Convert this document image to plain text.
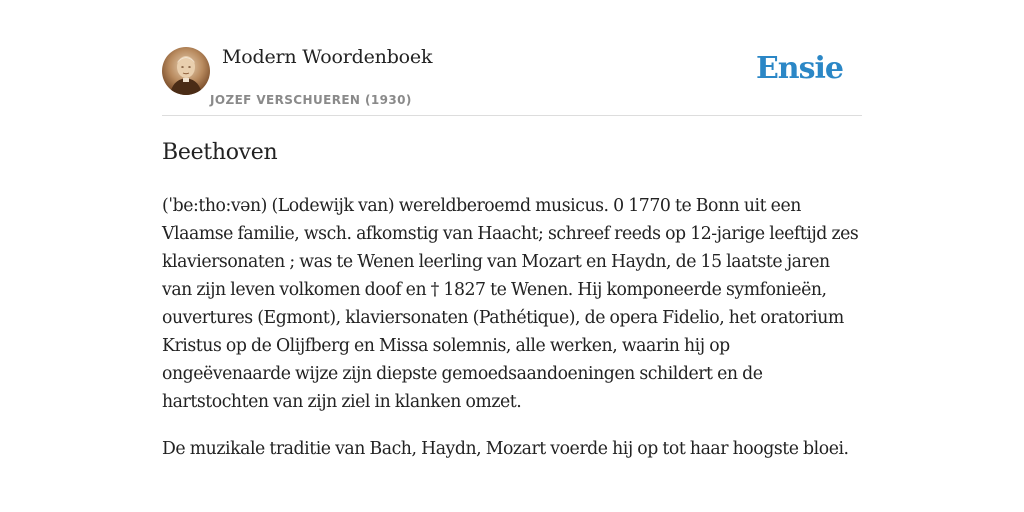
Modern Woordenboek
JOZEF VERSCHUEREN (1930)
Ensie
Beethoven

(ˈbe:tho:vən) (Lodewijk van) wereldberoemd musicus. 0 1770 te Bonn uit een Vlaamse familie, wsch. afkomstig van Haacht; schreef reeds op 12-jarige leeftijd zes klaviersonaten ; was te Wenen leerling van Mozart en Haydn, de 15 laatste jaren van zijn leven volkomen doof en † 1827 te Wenen. Hij komponeerde symfonieën, ouvertures (Egmont), klaviersonaten (Pathétique), de opera Fidelio, het oratorium Kristus op de Olijfberg en Missa solemnis, alle werken, waarin hij op ongeëvenaarde wijze zijn diepste gemoedsaandoeningen schildert en de hartstochten van zijn ziel in klanken omzet.

De muzikale traditie van Bach, Haydn, Mozart voerde hij op tot haar hoogste bloei.
